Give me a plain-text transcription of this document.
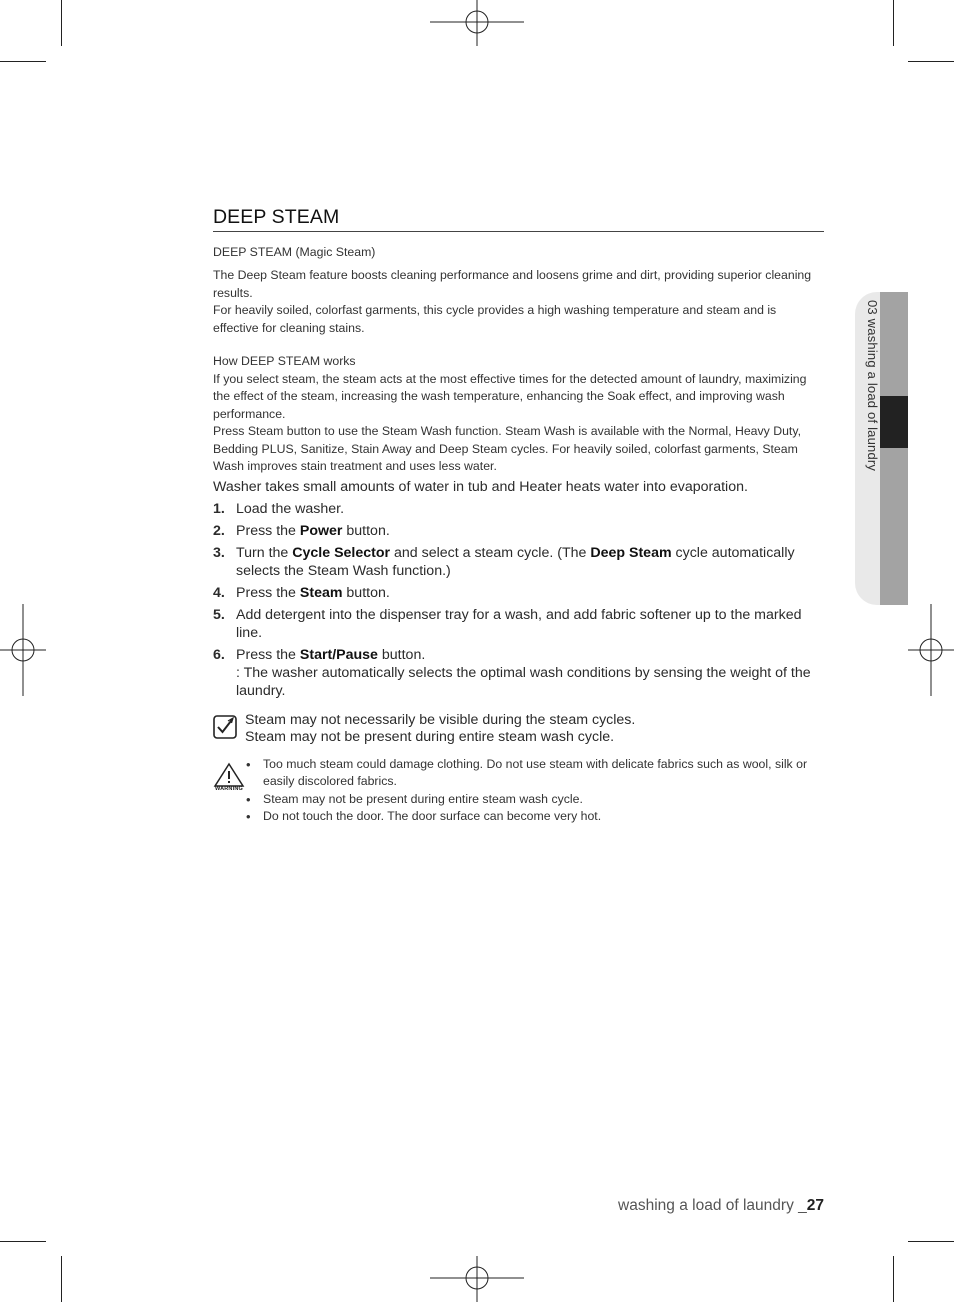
03 washing a load of laundry
DEEP STEAM

DEEP STEAM (Magic Steam)

The Deep Steam feature boosts cleaning performance and loosens grime and dirt, providing superior cleaning results.

For heavily soiled, colorfast garments, this cycle provides a high washing temperature and steam and is effective for cleaning stains.

How DEEP STEAM works

If you select steam, the steam acts at the most effective times for the detected amount of laundry, maximizing the effect of the steam, increasing the wash temperature, enhancing the Soak effect, and improving wash performance.

Press Steam button to use the Steam Wash function. Steam Wash is available with the Normal, Heavy Duty, Bedding PLUS, Sanitize, Stain Away and Deep Steam cycles. For heavily soiled, colorfast garments, Steam Wash improves stain treatment and uses less water.

Washer takes small amounts of water in tub and Heater heats water into evaporation.

1. Load the washer.
2. Press the Power button.
3. Turn the Cycle Selector and select a steam cycle. (The Deep Steam cycle automatically selects the Steam Wash function.)
4. Press the Steam button.
5. Add detergent into the dispenser tray for a wash, and add fabric softener up to the marked line.
6. Press the Start/Pause button.
: The washer automatically selects the optimal wash conditions by sensing the weight of the laundry.
Steam may not necessarily be visible during the steam cycles.
Steam may not be present during entire steam wash cycle.
WARNING
• Too much steam could damage clothing. Do not use steam with delicate fabrics such as wool, silk or easily discolored fabrics.
• Steam may not be present during entire steam wash cycle.
• Do not touch the door. The door surface can become very hot.
washing a load of laundry _27
